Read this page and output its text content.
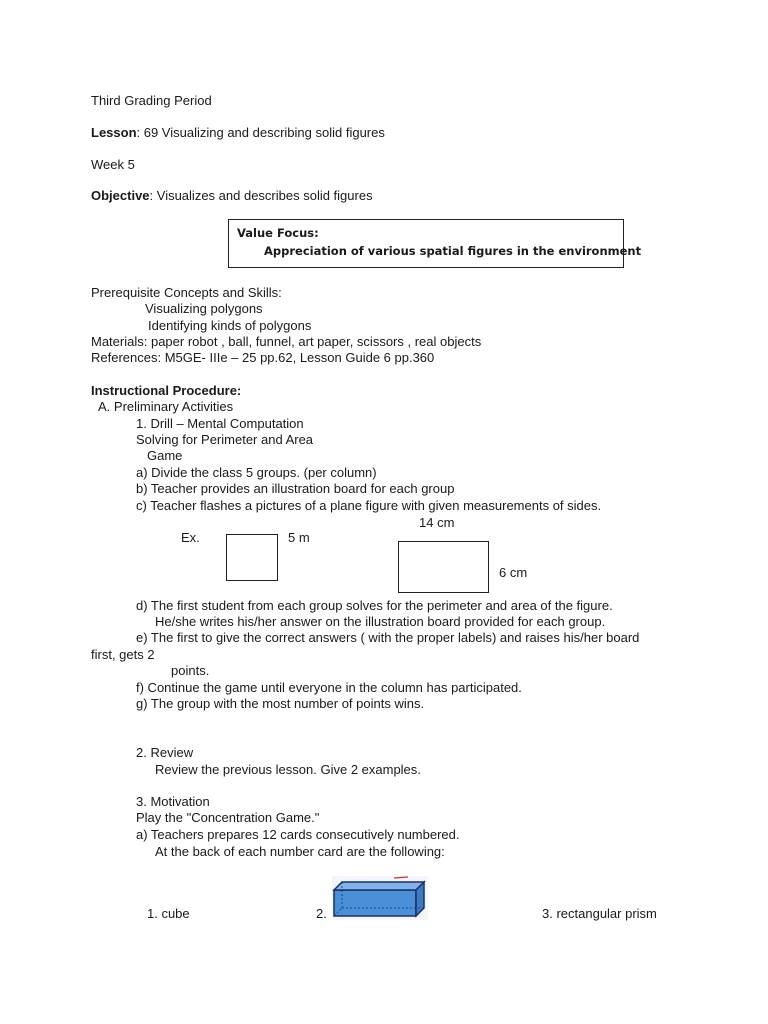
Third Grading Period
Lesson: 69 Visualizing and describing solid figures
Week 5
Objective: Visualizes and describes solid figures
Value Focus:
Appreciation of various spatial figures in the environment
Prerequisite Concepts and Skills:
Visualizing polygons
Identifying kinds of polygons
Materials: paper robot , ball, funnel, art paper, scissors , real objects
References: M5GE- IIIe – 25 pp.62, Lesson Guide 6 pp.360
Instructional Procedure:
A. Preliminary Activities
1. Drill – Mental Computation
Solving for Perimeter and Area
Game
a) Divide the class 5 groups. (per column)
b) Teacher provides an illustration board for each group
c) Teacher flashes a pictures of a plane figure with given measurements of sides.
14 cm
Ex.	5 m
6 cm
d) The first student from each group solves for the perimeter and area of the figure.
He/she writes his/her answer on the illustration board provided for each group.
e) The first to give the correct answers ( with the proper labels) and raises his/her board
first, gets 2
points.
f) Continue the game until everyone in the column has participated.
g) The group with the most number of points wins.
2. Review
Review the previous lesson. Give 2 examples.
3. Motivation
Play the "Concentration Game."
a) Teachers prepares 12 cards consecutively numbered.
At the back of each number card are the following:
1. cube	2.	3. rectangular prism
